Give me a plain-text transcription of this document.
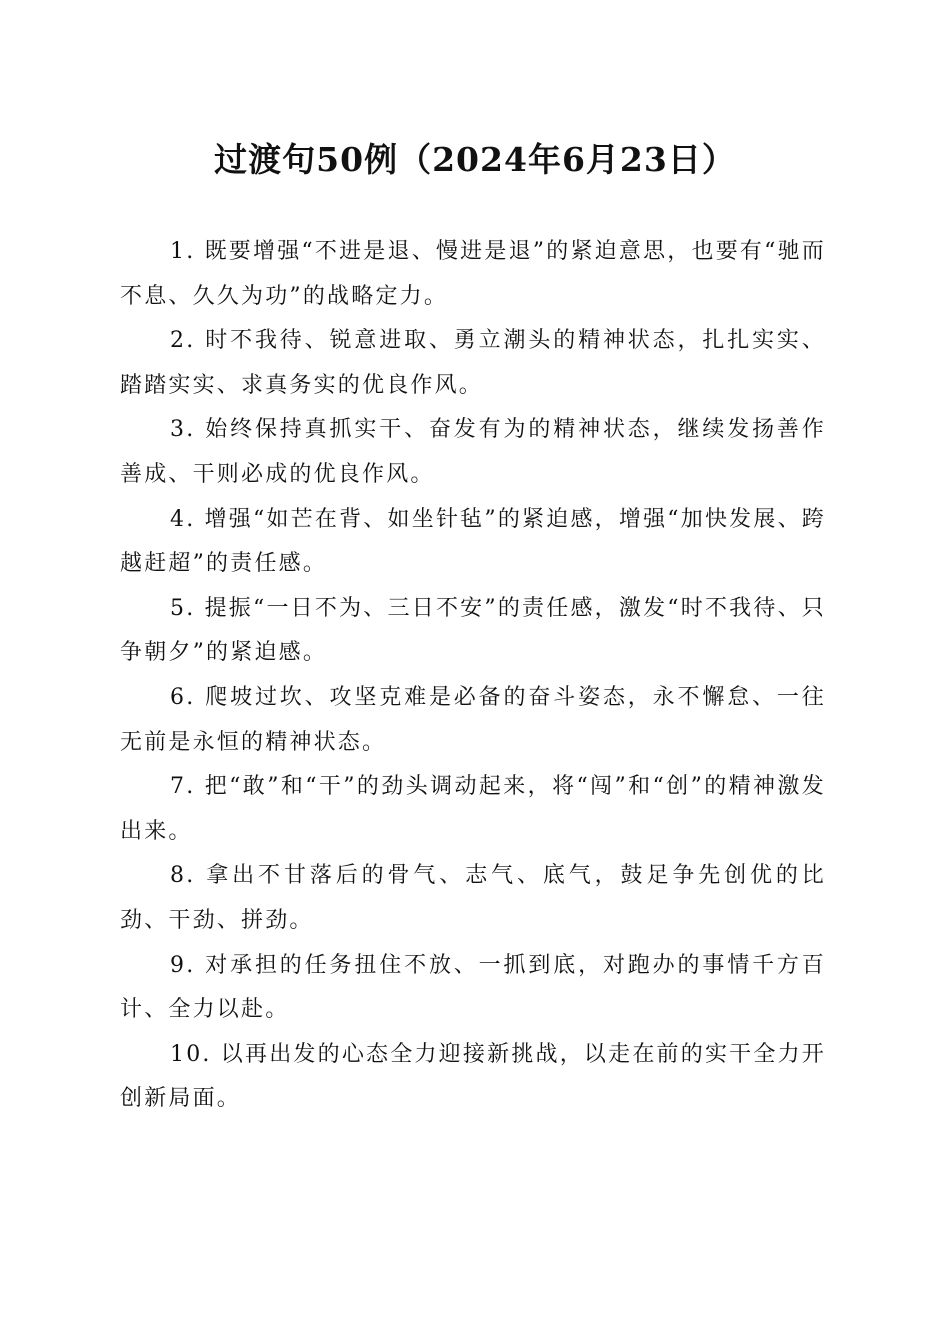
过渡句50例（2024年6月23日）

1. 既要增强“不进是退、慢进是退”的紧迫意思，也要有“驰而不息、久久为功”的战略定力。

2. 时不我待、锐意进取、勇立潮头的精神状态，扎扎实实、踏踏实实、求真务实的优良作风。

3. 始终保持真抓实干、奋发有为的精神状态，继续发扬善作善成、干则必成的优良作风。

4. 增强“如芒在背、如坐针毡”的紧迫感，增强“加快发展、跨越赶超”的责任感。

5. 提振“一日不为、三日不安”的责任感，激发“时不我待、只争朝夕”的紧迫感。

6. 爬坡过坎、攻坚克难是必备的奋斗姿态，永不懈怠、一往无前是永恒的精神状态。

7. 把“敢”和“干”的劲头调动起来，将“闯”和“创”的精神激发出来。

8. 拿出不甘落后的骨气、志气、底气，鼓足争先创优的比劲、干劲、拼劲。

9. 对承担的任务扭住不放、一抓到底，对跑办的事情千方百计、全力以赴。

10. 以再出发的心态全力迎接新挑战，以走在前的实干全力开创新局面。
